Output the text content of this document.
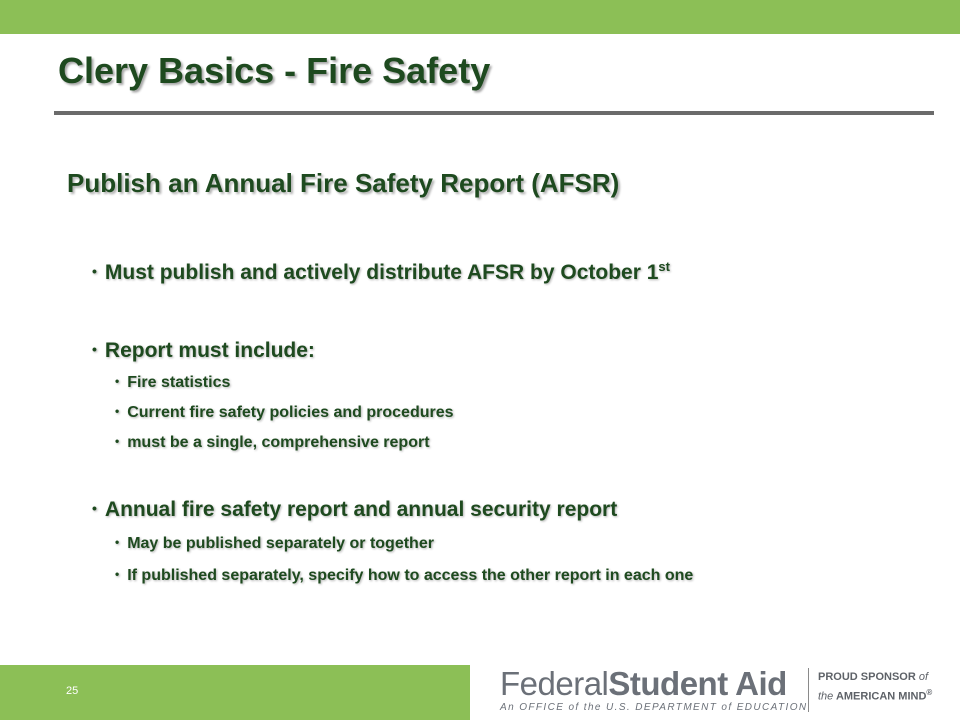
Clery Basics - Fire Safety
Publish an Annual Fire Safety Report (AFSR)
• Must publish and actively distribute AFSR by October 1st
• Report must include:
• Fire statistics
• Current fire safety policies and procedures
• must be a single, comprehensive report
• Annual fire safety report and annual security report
• May be published separately or together
• If published separately, specify how to access the other report in each one
25	FederalStudent Aid
An OFFICE of the U.S. DEPARTMENT of EDUCATION
PROUD SPONSOR of
the AMERICAN MIND®
